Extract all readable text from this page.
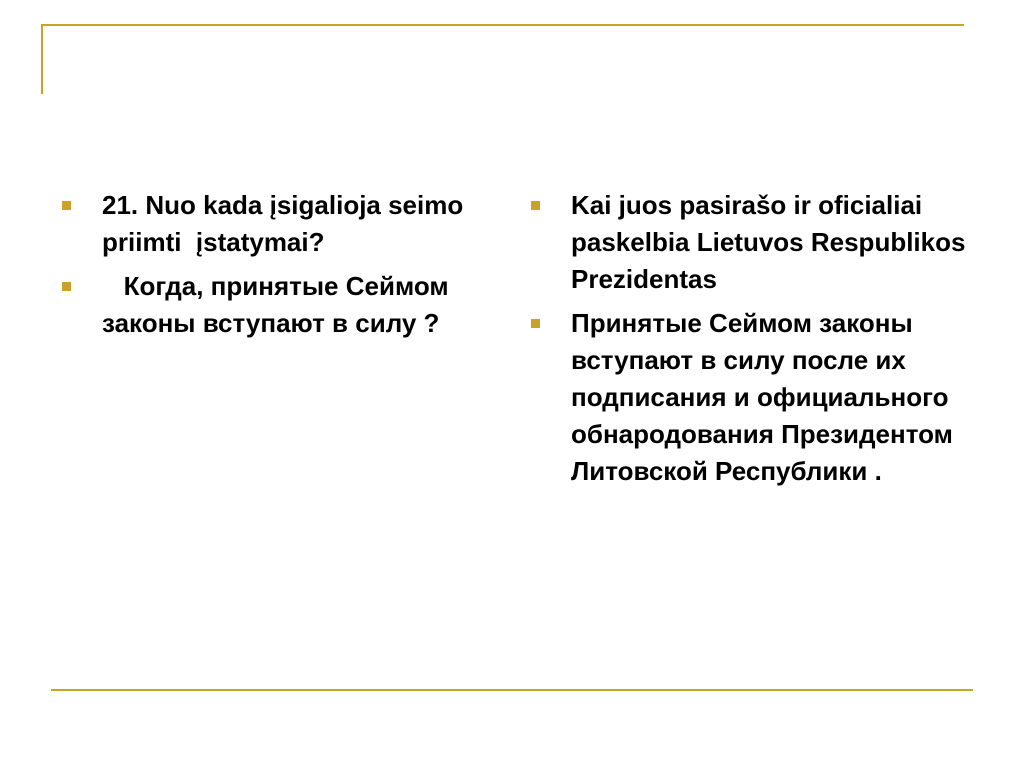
21. Nuo kada įsigalioja seimo  priimti  įstatymai?
Когда, принятые Сеймом законы вступают в силу ?
Kai juos pasirašo ir oficialiai paskelbia Lietuvos Respublikos Prezidentas
Принятые Сеймом законы вступают в силу после их подписания и официального обнародования Президентом Литовской Республики .
